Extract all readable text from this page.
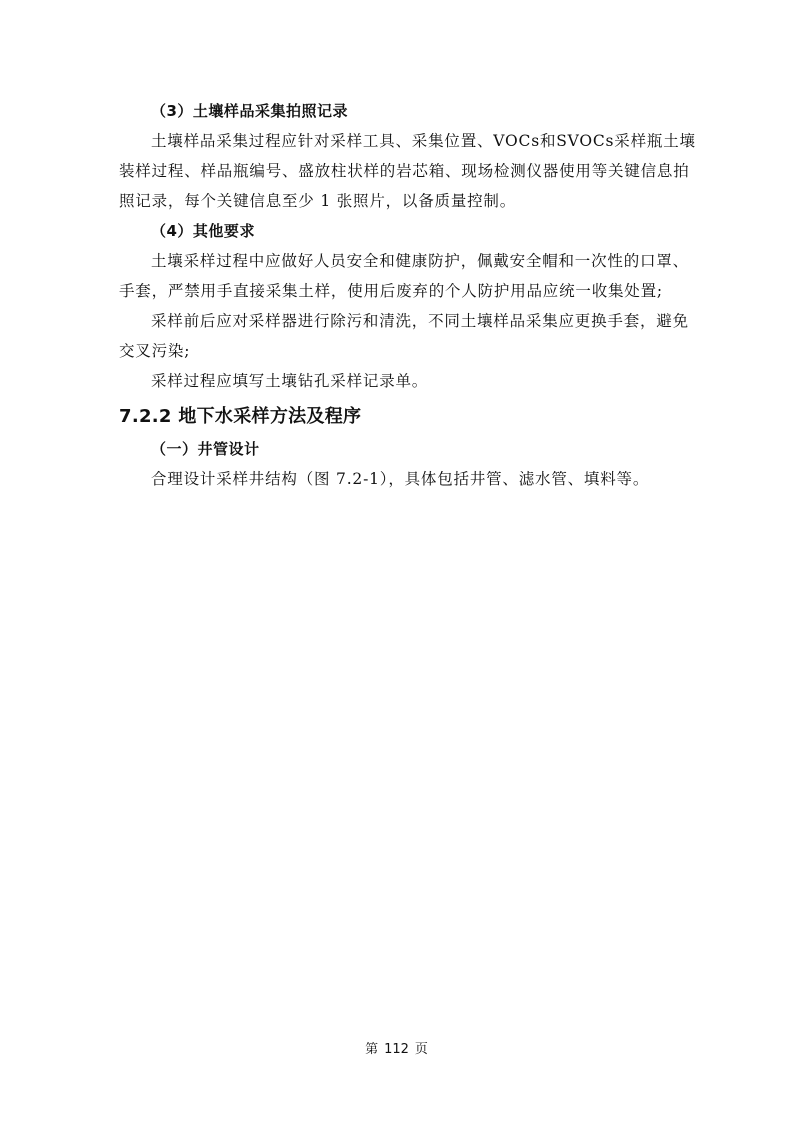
（3）土壤样品采集拍照记录
土壤样品采集过程应针对采样工具、采集位置、VOCs和SVOCs采样瓶土壤
装样过程、样品瓶编号、盛放柱状样的岩芯箱、现场检测仪器使用等关键信息拍
照记录，每个关键信息至少 1 张照片，以备质量控制。
（4）其他要求
土壤采样过程中应做好人员安全和健康防护，佩戴安全帽和一次性的口罩、
手套，严禁用手直接采集土样，使用后废弃的个人防护用品应统一收集处置;
采样前后应对采样器进行除污和清洗，不同土壤样品采集应更换手套，避免
交叉污染;
采样过程应填写土壤钻孔采样记录单。
7.2.2 地下水采样方法及程序
（一）井管设计
合理设计采样井结构（图 7.2-1），具体包括井管、滤水管、填料等。
第 112 页
